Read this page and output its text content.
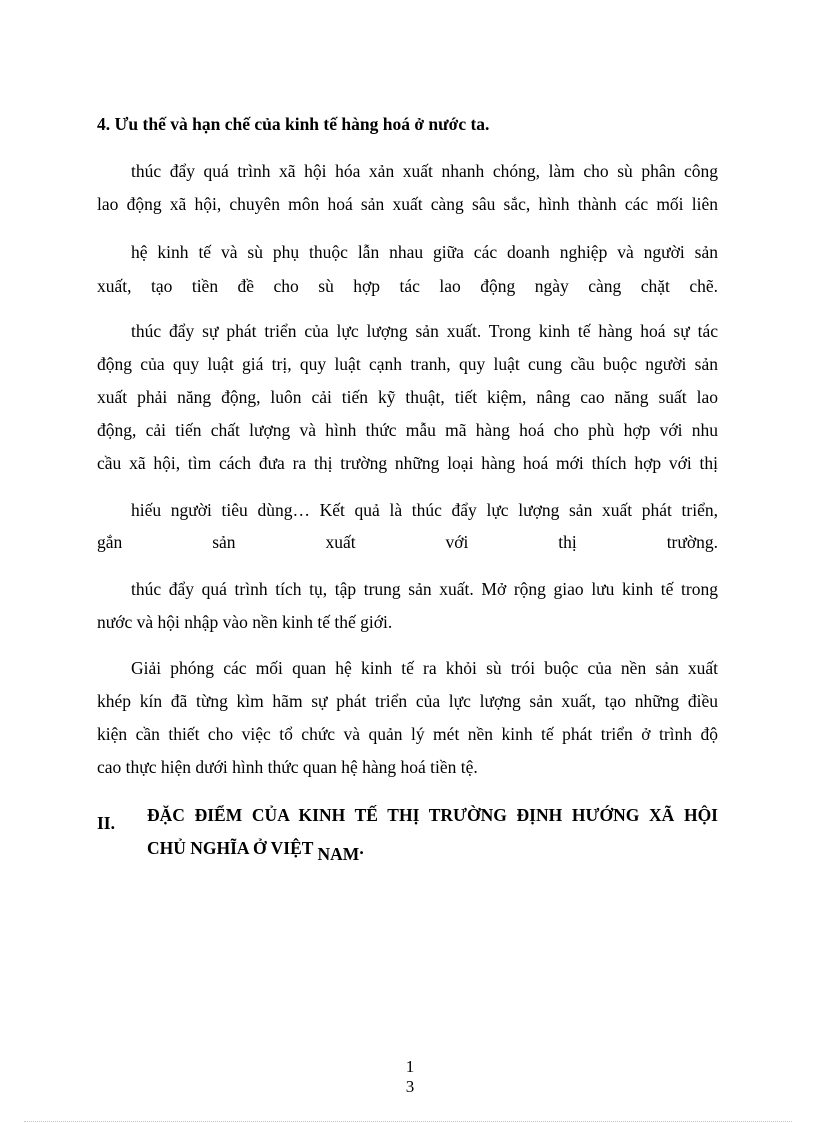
4. Ưu thế và hạn chế của kinh tế hàng hoá ở nước ta.
thúc đẩy quá trình xã hội hóa xản xuất nhanh chóng, làm cho sù phân công
lao động xã hội, chuyên môn hoá sản xuất càng sâu sắc, hình thành các mối liên
hệ kinh tế và sù phụ thuộc lẫn nhau giữa các doanh nghiệp và người sản
xuất, tạo tiền đề cho sù hợp tác lao động ngày càng chặt chẽ.
thúc đẩy sự phát triển của lực lượng sản xuất. Trong kinh tế hàng hoá sự tác
động của quy luật giá trị, quy luật cạnh tranh, quy luật cung cầu buộc người sản
xuất phải năng động, luôn cải tiến kỹ thuật, tiết kiệm, nâng cao năng suất lao
động, cải tiến chất lượng và hình thức mẫu mã hàng hoá cho phù hợp với nhu
cầu xã hội, tìm cách đưa ra thị trường những loại hàng hoá mới thích hợp với thị
hiếu người tiêu dùng… Kết quả là thúc đẩy lực lượng sản xuất phát triển,
gắn sản xuất với thị trường.
thúc đẩy quá trình tích tụ, tập trung sản xuất. Mở rộng giao lưu kinh tế trong
nước và hội nhập vào nền kinh tế thế giới.
Giải phóng các mối quan hệ kinh tế ra khỏi sù trói buộc của nền sản xuất
khép kín đã từng kìm hãm sự phát triển của lực lượng sản xuất, tạo những điều
kiện cần thiết cho việc tổ chức và quản lý mét nền kinh tế phát triển ở trình độ
cao thực hiện dưới hình thức quan hệ hàng hoá tiền tệ.
II. ĐẶC ĐIỂM CỦA KINH TẾ THỊ TRƯỜNG ĐỊNH HƯỚNG XÃ HỘI
CHỦ NGHĨA Ở VIỆT NAM.
1
3
